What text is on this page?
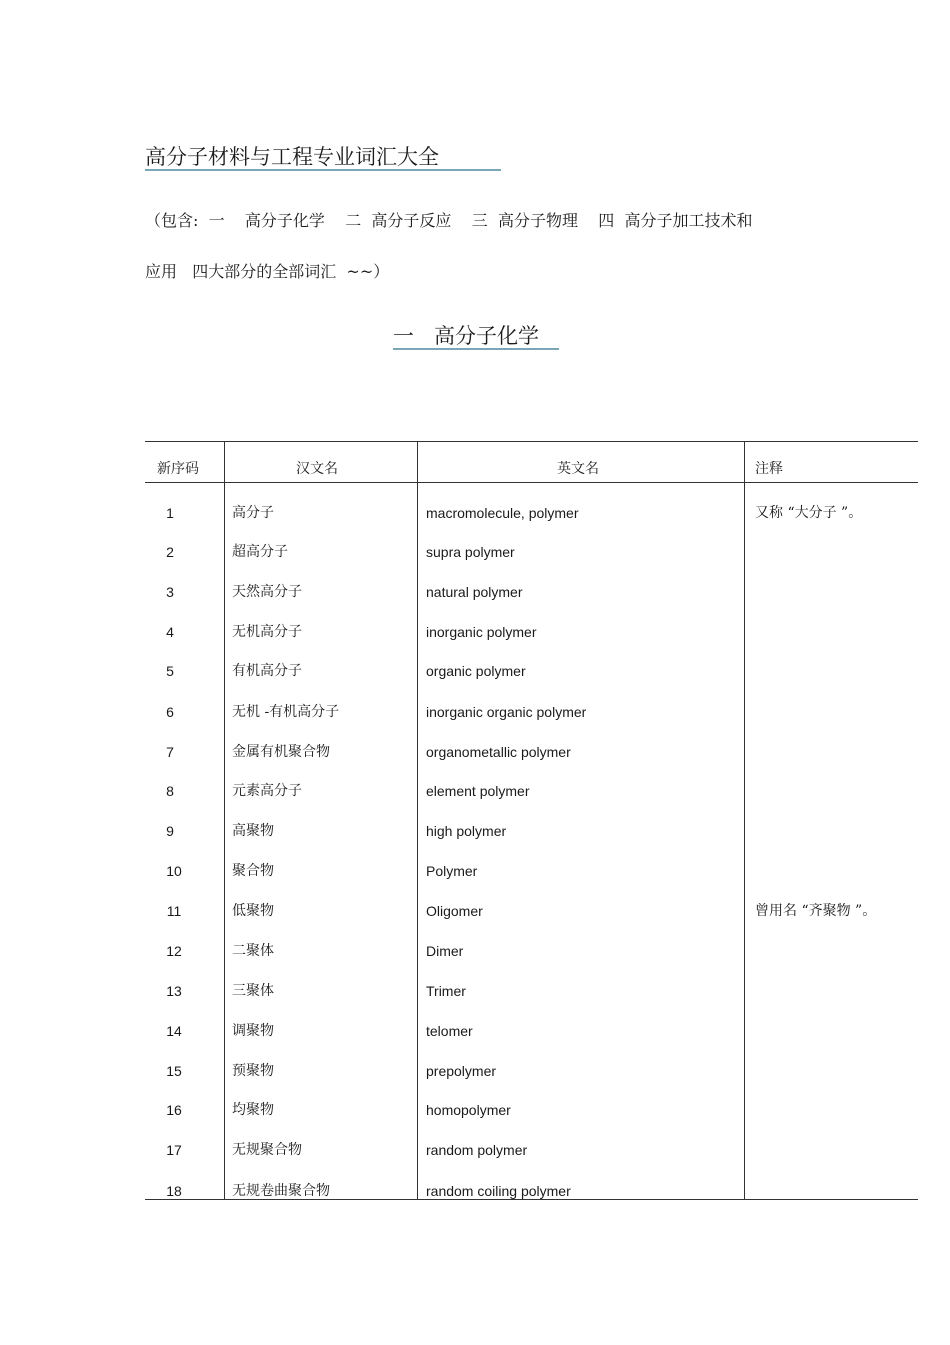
高分子材料与工程专业词汇大全
（包含:  一    高分子化学    二  高分子反应    三  高分子物理    四  高分子加工技术和
应用   四大部分的全部词汇  ~~）
一   高分子化学
新序码	汉文名	英文名	注释
1	高分子	macromolecule, polymer	又称 “大分子 ”。
2	超高分子	supra polymer
3	天然高分子	natural polymer
4	无机高分子	inorganic polymer
5	有机高分子	organic polymer
6	无机 -有机高分子	inorganic organic polymer
7	金属有机聚合物	organometallic polymer
8	元素高分子	element polymer
9	高聚物	high polymer
10	聚合物	Polymer
11	低聚物	Oligomer	曾用名 “齐聚物 ”。
12	二聚体	Dimer
13	三聚体	Trimer
14	调聚物	telomer
15	预聚物	prepolymer
16	均聚物	homopolymer
17	无规聚合物	random polymer
18	无规卷曲聚合物	random coiling polymer
